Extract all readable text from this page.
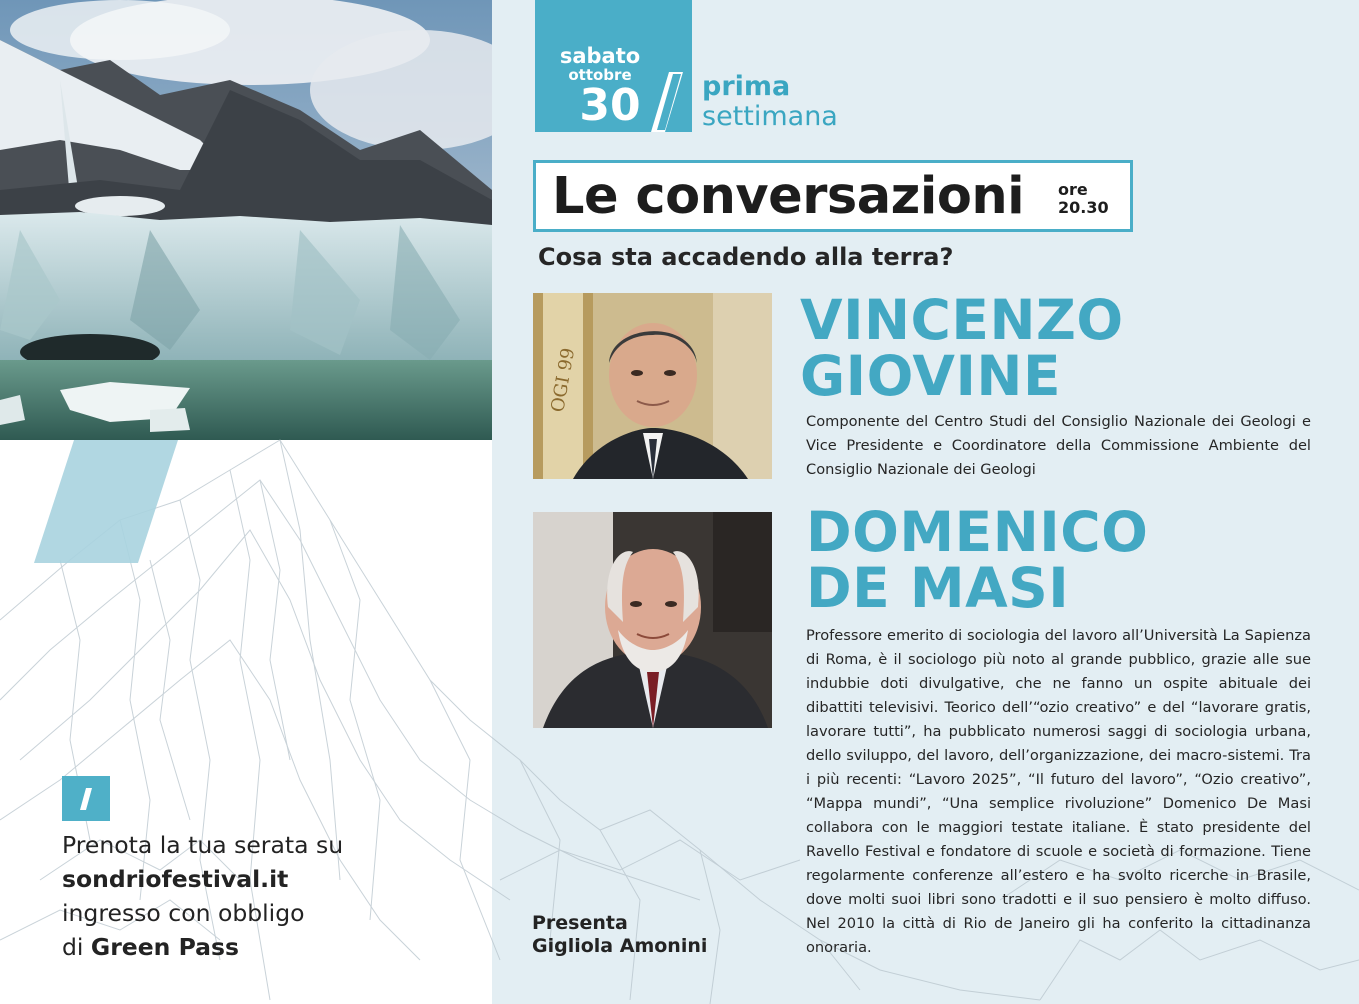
Prenota la tua serata su
sondriofestival.it
ingresso con obbligo
di Green Pass
sabato
ottobre
30	prima
settimana
Le conversazioni ore
20.30
Cosa sta accadendo alla terra?
OGI 99
VINCENZO
GIOVINE
Componente del Centro Studi del Consiglio Nazionale dei Geologi e Vice Presidente e Coordinatore della Commissione Ambiente del Consiglio Nazionale dei Geologi
DOMENICO
DE MASI
Professore emerito di sociologia del lavoro all’Università La Sapienza di Roma, è il sociologo più noto al grande pubblico, grazie alle sue indubbie doti divulgative, che ne fanno un ospite abituale dei dibattiti televisivi. Teorico dell’“ozio creativo” e del “lavorare gratis, lavorare tutti”, ha pubblicato numerosi saggi di sociologia urbana, dello sviluppo, del lavoro, dell’organizzazione, dei macro-sistemi. Tra i più recenti: “Lavoro 2025”, “Il futuro del lavoro”, “Ozio creativo”, “Mappa mundi”, “Una semplice rivoluzione” Domenico De Masi collabora con le maggiori testate italiane. È stato presidente del Ravello Festival e fondatore di scuole e società di formazione. Tiene regolarmente conferenze all’estero e ha svolto ricerche in Brasile, dove molti suoi libri sono tradotti e il suo pensiero è molto diffuso. Nel 2010 la città di Rio de Janeiro gli ha conferito la cittadinanza onoraria.
Presenta
Gigliola Amonini
